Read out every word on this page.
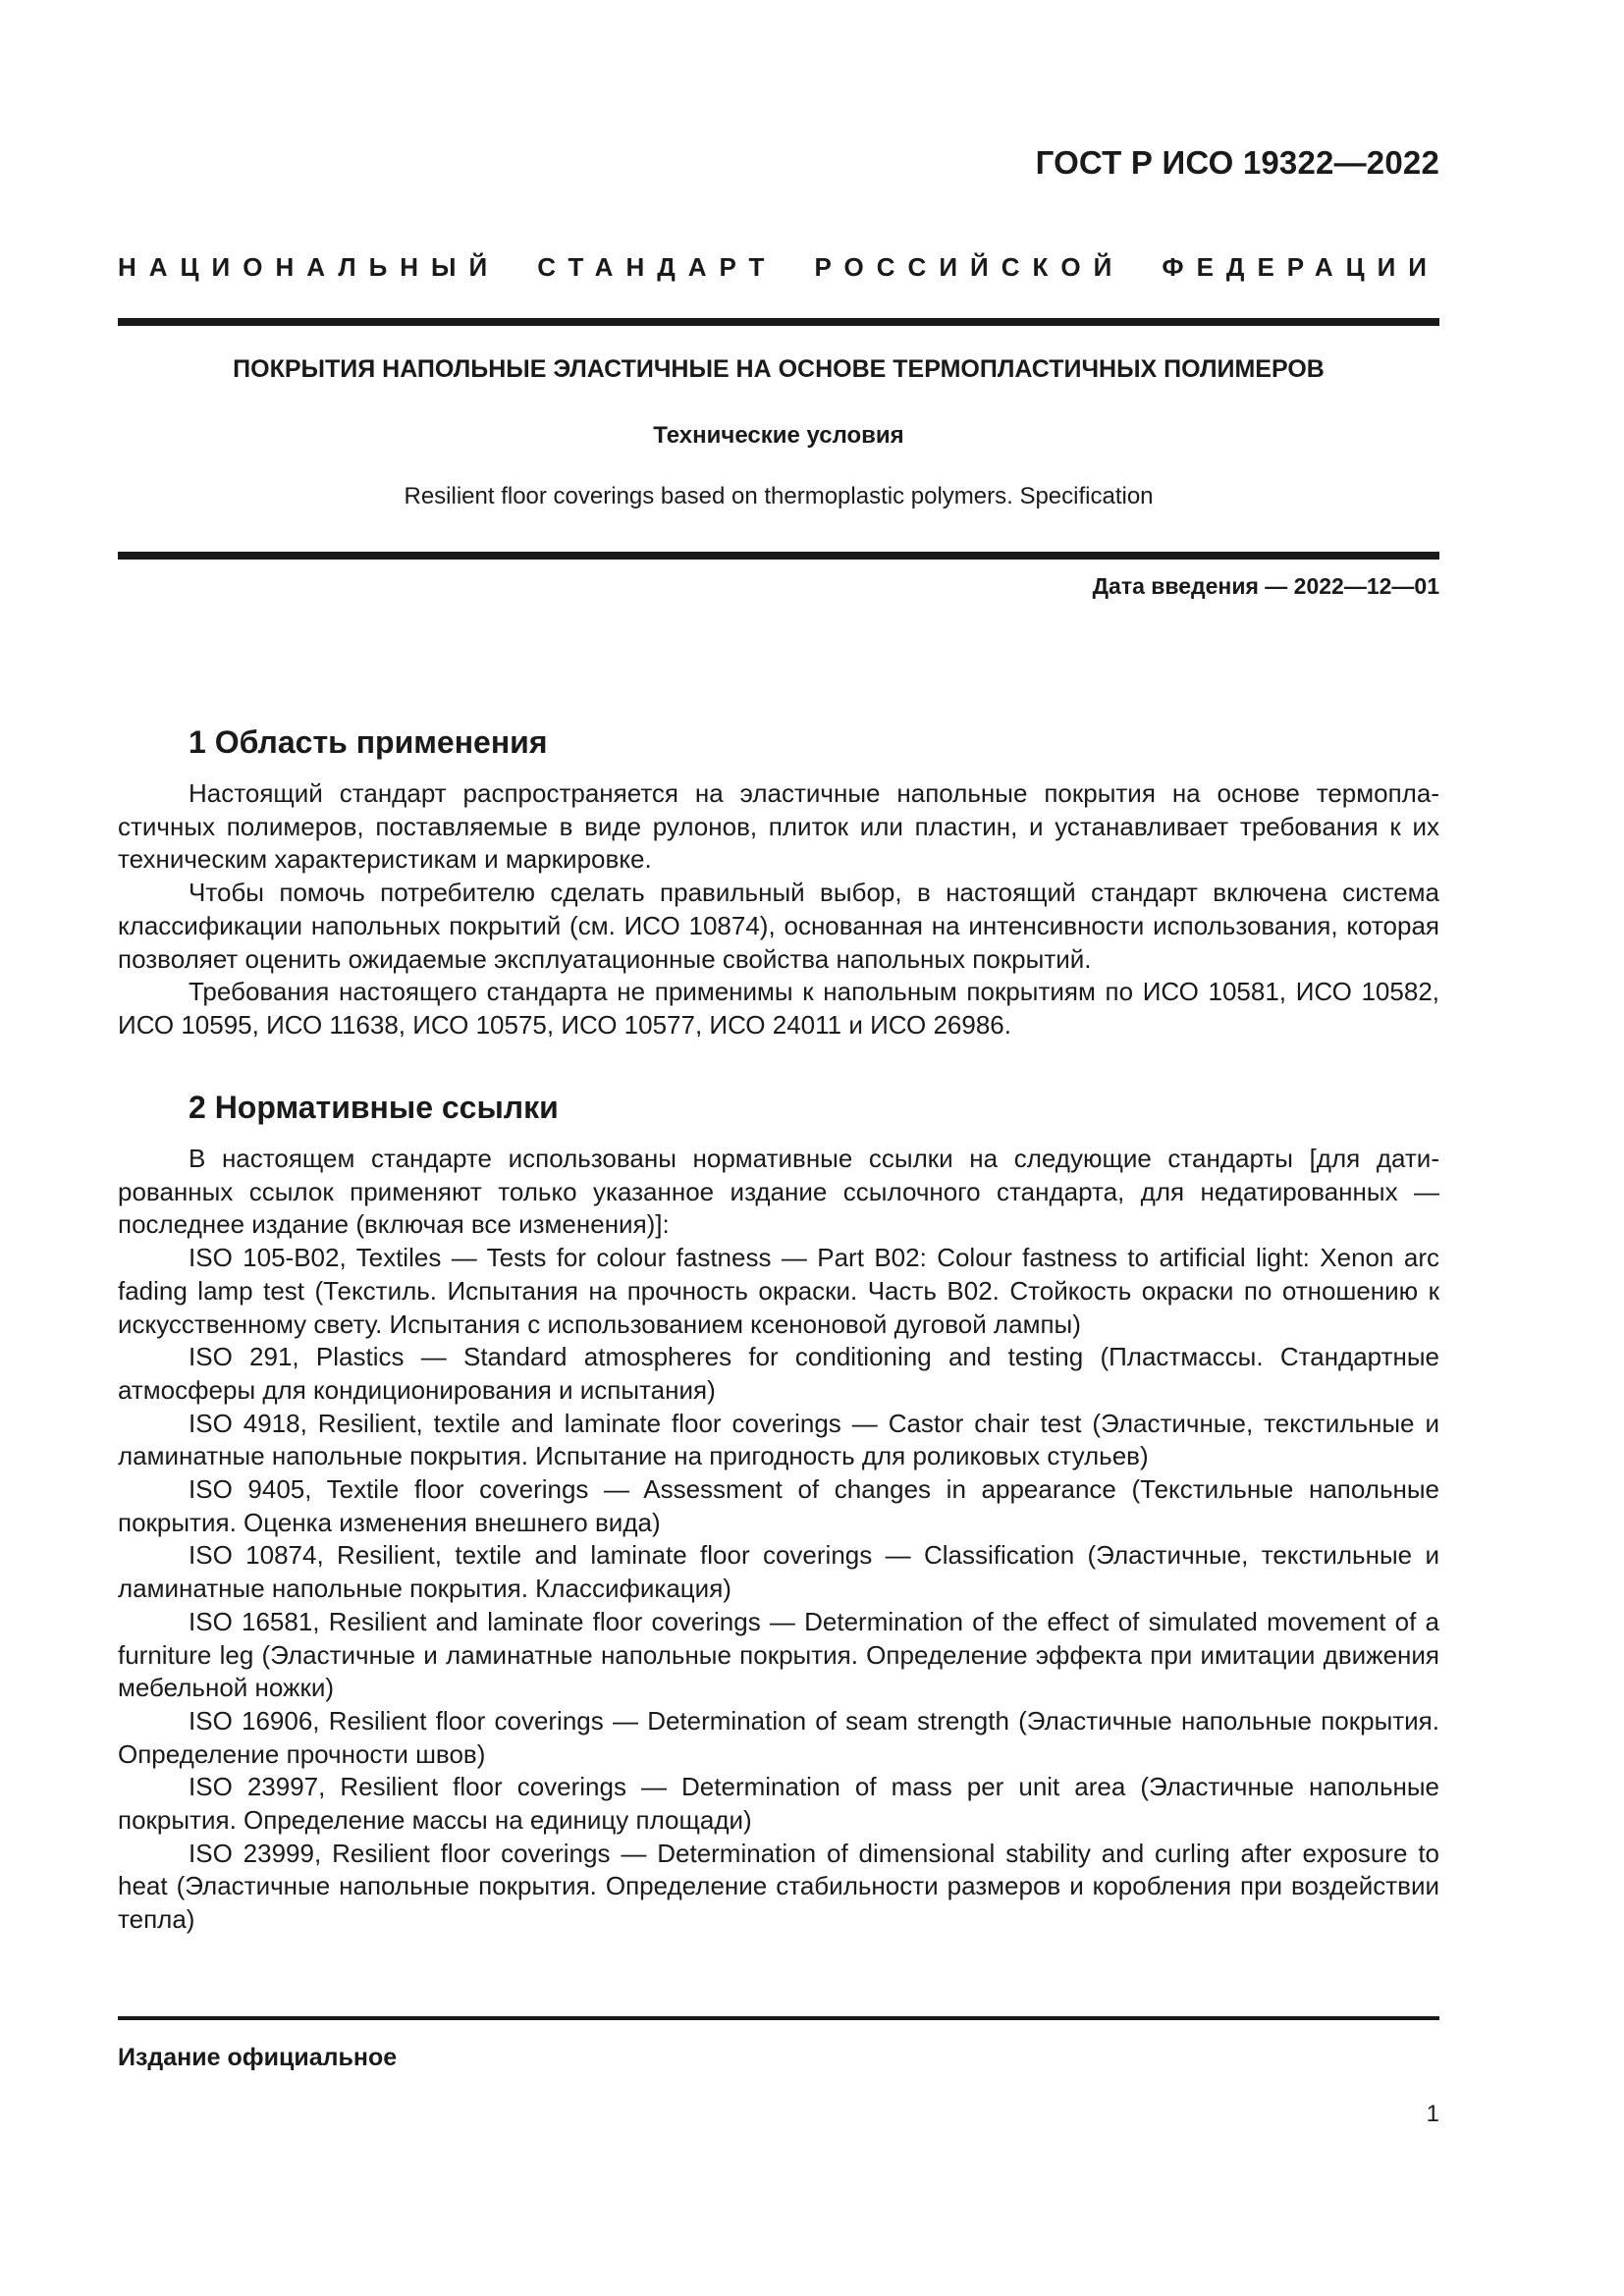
ГОСТ Р ИСО 19322—2022
НАЦИОНАЛЬНЫЙ СТАНДАРТ РОССИЙСКОЙ ФЕДЕРАЦИИ
ПОКРЫТИЯ НАПОЛЬНЫЕ ЭЛАСТИЧНЫЕ НА ОСНОВЕ ТЕРМОПЛАСТИЧНЫХ ПОЛИМЕРОВ
Технические условия
Resilient floor coverings based on thermoplastic polymers. Specification
Дата введения — 2022—12—01
1 Область применения

Настоящий стандарт распространяется на эластичные напольные покрытия на основе термопластичных полимеров, поставляемые в виде рулонов, плиток или пластин, и устанавливает требования к их техническим характеристикам и маркировке.

Чтобы помочь потребителю сделать правильный выбор, в настоящий стандарт включена система классификации напольных покрытий (см. ИСО 10874), основанная на интенсивности использования, которая позволяет оценить ожидаемые эксплуатационные свойства напольных покрытий.

Требования настоящего стандарта не применимы к напольным покрытиям по ИСО 10581, ИСО 10582, ИСО 10595, ИСО 11638, ИСО 10575, ИСО 10577, ИСО 24011 и ИСО 26986.

2 Нормативные ссылки

В настоящем стандарте использованы нормативные ссылки на следующие стандарты [для датированных ссылок применяют только указанное издание ссылочного стандарта, для недатированных — последнее издание (включая все изменения)]:

ISO 105-B02, Textiles — Tests for colour fastness — Part B02: Colour fastness to artificial light: Xenon arc fading lamp test (Текстиль. Испытания на прочность окраски. Часть B02. Стойкость окраски по отношению к искусственному свету. Испытания с использованием ксеноновой дуговой лампы)

ISO 291, Plastics — Standard atmospheres for conditioning and testing (Пластмассы. Стандартные атмосферы для кондиционирования и испытания)

ISO 4918, Resilient, textile and laminate floor coverings — Castor chair test (Эластичные, текстильные и ламинатные напольные покрытия. Испытание на пригодность для роликовых стульев)

ISO 9405, Textile floor coverings — Assessment of changes in appearance (Текстильные напольные покрытия. Оценка изменения внешнего вида)

ISO 10874, Resilient, textile and laminate floor coverings — Classification (Эластичные, текстильные и ламинатные напольные покрытия. Классификация)

ISO 16581, Resilient and laminate floor coverings — Determination of the effect of simulated movement of a furniture leg (Эластичные и ламинатные напольные покрытия. Определение эффекта при имитации движения мебельной ножки)

ISO 16906, Resilient floor coverings — Determination of seam strength (Эластичные напольные покрытия. Определение прочности швов)

ISO 23997, Resilient floor coverings — Determination of mass per unit area (Эластичные напольные покрытия. Определение массы на единицу площади)

ISO 23999, Resilient floor coverings — Determination of dimensional stability and curling after exposure to heat (Эластичные напольные покрытия. Определение стабильности размеров и коробления при воздействии тепла)

Издание официальное
1
